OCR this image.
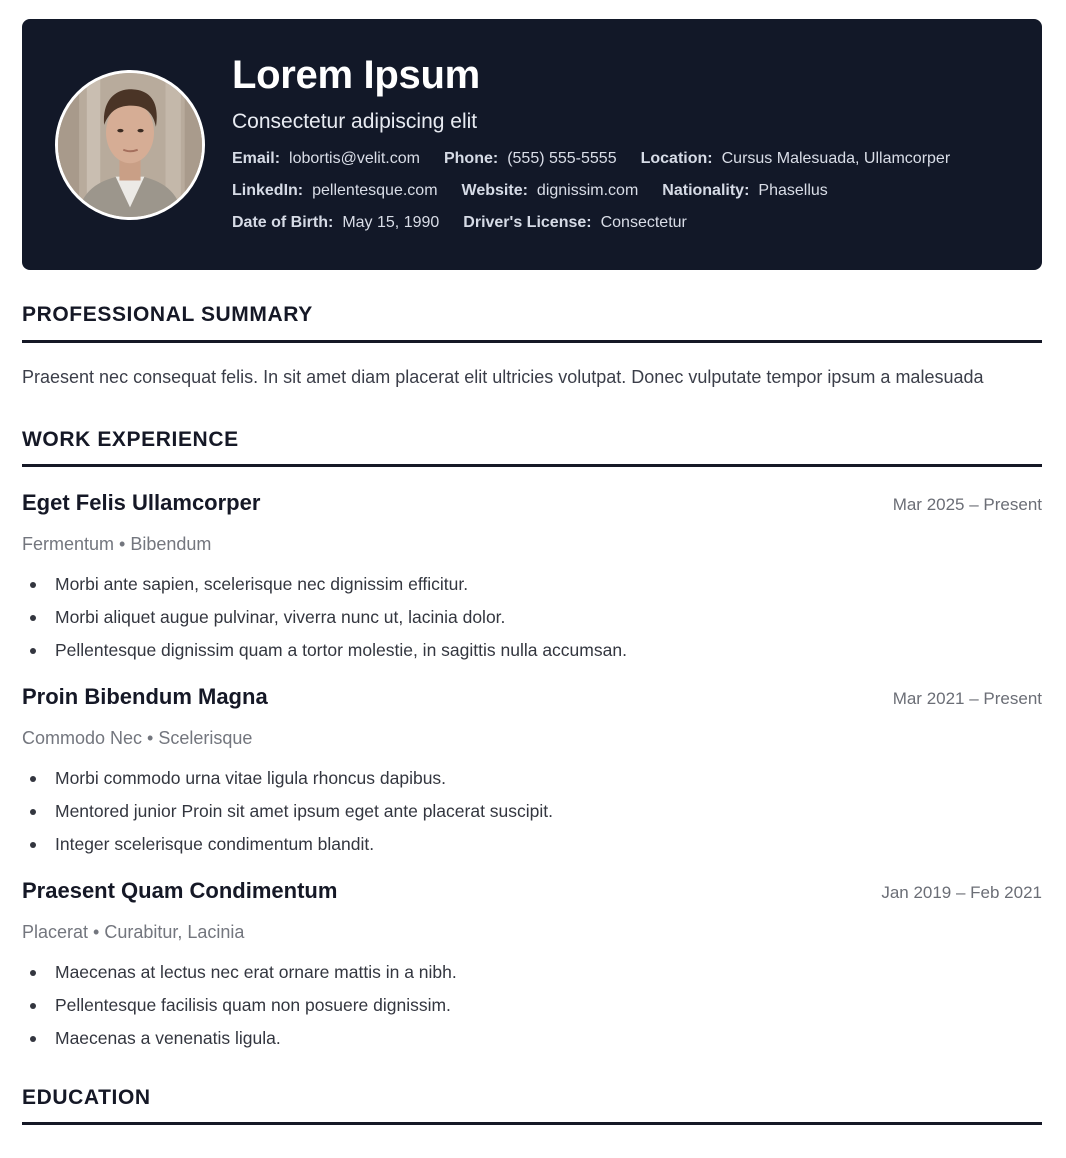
Lorem Ipsum
Consectetur adipiscing elit
Email: lobortis@velit.com Phone: (555) 555-5555 Location: Cursus Malesuada, Ullamcorper
LinkedIn: pellentesque.com Website: dignissim.com Nationality: Phasellus
Date of Birth: May 15, 1990 Driver's License: Consectetur
PROFESSIONAL SUMMARY

Praesent nec consequat felis. In sit amet diam placerat elit ultricies volutpat. Donec vulputate tempor ipsum a malesuada

WORK EXPERIENCE
Eget Felis Ullamcorper	Mar 2025 – Present
Fermentum • Bibendum
Morbi ante sapien, scelerisque nec dignissim efficitur.
Morbi aliquet augue pulvinar, viverra nunc ut, lacinia dolor.
Pellentesque dignissim quam a tortor molestie, in sagittis nulla accumsan.
Proin Bibendum Magna	Mar 2021 – Present
Commodo Nec • Scelerisque
Morbi commodo urna vitae ligula rhoncus dapibus.
Mentored junior Proin sit amet ipsum eget ante placerat suscipit.
Integer scelerisque condimentum blandit.
Praesent Quam Condimentum	Jan 2019 – Feb 2021
Placerat • Curabitur, Lacinia
Maecenas at lectus nec erat ornare mattis in a nibh.
Pellentesque facilisis quam non posuere dignissim.
Maecenas a venenatis ligula.
EDUCATION
